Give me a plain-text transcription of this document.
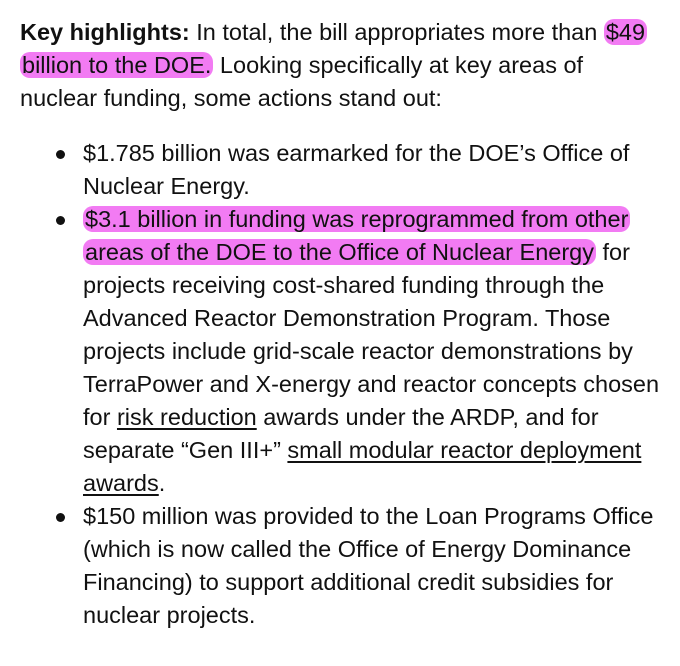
Key highlights: In total, the bill appropriates more than $49 billion to the DOE. Looking specifically at key areas of nuclear funding, some actions stand out:

$1.785 billion was earmarked for the DOE’s Office of Nuclear Energy.
$3.1 billion in funding was reprogrammed from other areas of the DOE to the Office of Nuclear Energy for projects receiving cost-shared funding through the Advanced Reactor Demonstration Program. Those projects include grid-scale reactor demonstrations by TerraPower and X-energy and reactor concepts chosen for risk reduction awards under the ARDP, and for separate “Gen III+” small modular reactor deployment awards.
$150 million was provided to the Loan Programs Office (which is now called the Office of Energy Dominance Financing) to support additional credit subsidies for nuclear projects.
